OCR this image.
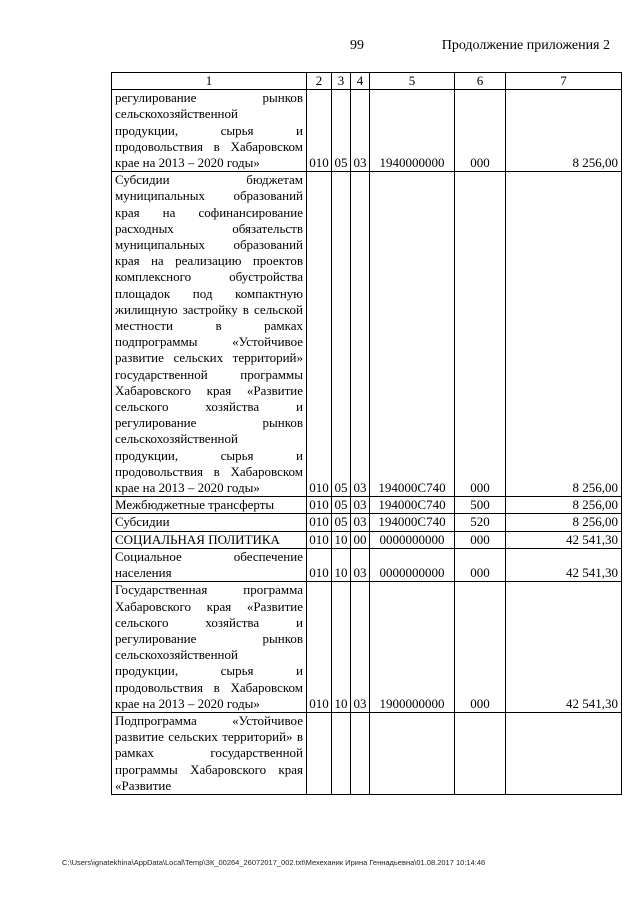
99	Продолжение приложения 2
1	2	3	4	5	6	7
регулирование рынков сельскохозяйственной продукции, сырья и продовольствия в Хабаровском крае на 2013 – 2020 годы»	010	05	03	1940000000	000	8 256,00
Субсидии бюджетам муниципальных образований края на софинансирование расходных обязательств муниципальных образований края на реализацию проектов комплексного обустройства площадок под компактную жилищную застройку в сельской местности в рамках подпрограммы «Устойчивое развитие сельских территорий» государственной программы Хабаровского края «Развитие сельского хозяйства и регулирование рынков сельскохозяйственной продукции, сырья и продовольствия в Хабаровском крае на 2013 – 2020 годы»	010	05	03	194000С740	000	8 256,00
Межбюджетные трансферты	010	05	03	194000С740	500	8 256,00
Субсидии	010	05	03	194000С740	520	8 256,00
СОЦИАЛЬНАЯ ПОЛИТИКА	010	10	00	0000000000	000	42 541,30
Социальное обеспечение населения	010	10	03	0000000000	000	42 541,30
Государственная программа Хабаровского края «Развитие сельского хозяйства и регулирование рынков сельскохозяйственной продукции, сырья и продовольствия в Хабаровском крае на 2013 – 2020 годы»	010	10	03	1900000000	000	42 541,30
Подпрограмма «Устойчивое развитие сельских территорий» в рамках государственной программы Хабаровского края «Развитие						
C:\Users\ignatekhina\AppData\Local\Temp\ЗК_00264_26072017_002.txt\Мехеханик Ирина Геннадьевна\01.08.2017 10:14:46
